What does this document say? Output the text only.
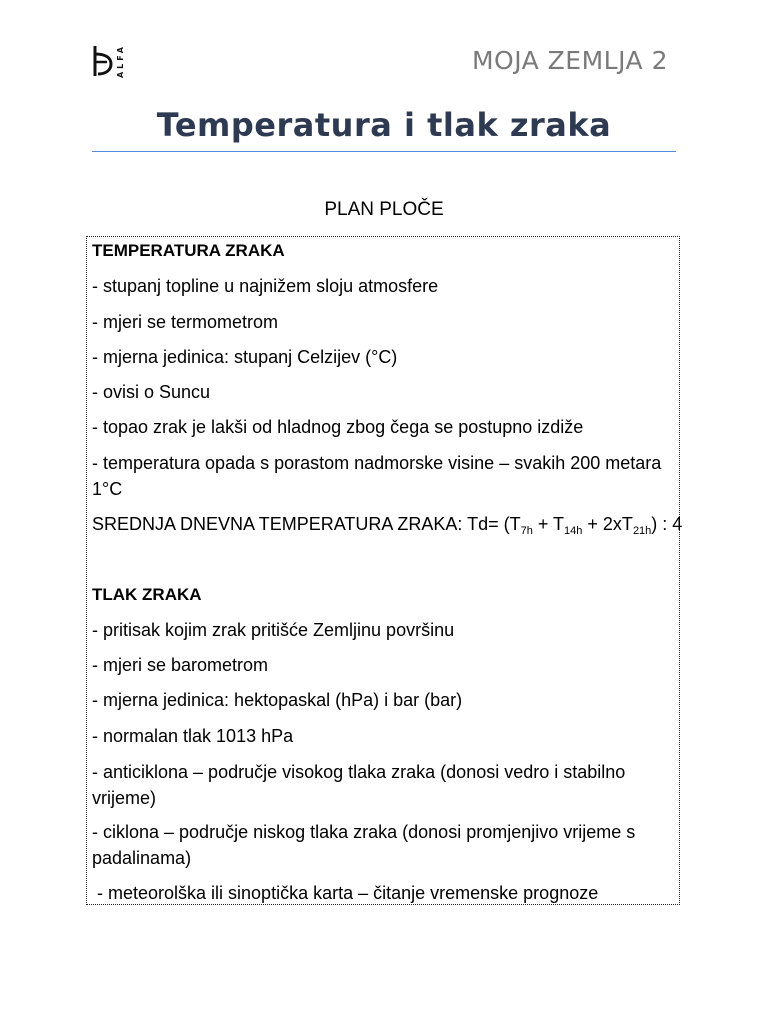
ALFA	MOJA ZEMLJA 2
Temperatura i tlak zraka
PLAN PLOČE
TEMPERATURA ZRAKA
- stupanj topline u najnižem sloju atmosfere
- mjeri se termometrom
- mjerna jedinica: stupanj Celzijev (°C)
- ovisi o Suncu
- topao zrak je lakši od hladnog zbog čega se postupno izdiže
- temperatura opada s porastom nadmorske visine – svakih 200 metara 1°C
SREDNJA DNEVNA TEMPERATURA ZRAKA: $Td= (T_{7h} + T_{14h} + 2xT_{21h})$ : 4
TLAK ZRAKA
- pritisak kojim zrak pritišće Zemljinu površinu
- mjeri se barometrom
- mjerna jedinica: hektopaskal (hPa) i bar (bar)
- normalan tlak 1013 hPa
- anticiklona – područje visokog tlaka zraka (donosi vedro i stabilno vrijeme)
- ciklona – područje niskog tlaka zraka (donosi promjenjivo vrijeme s padalinama)
- meteorolška ili sinoptička karta – čitanje vremenske prognoze
